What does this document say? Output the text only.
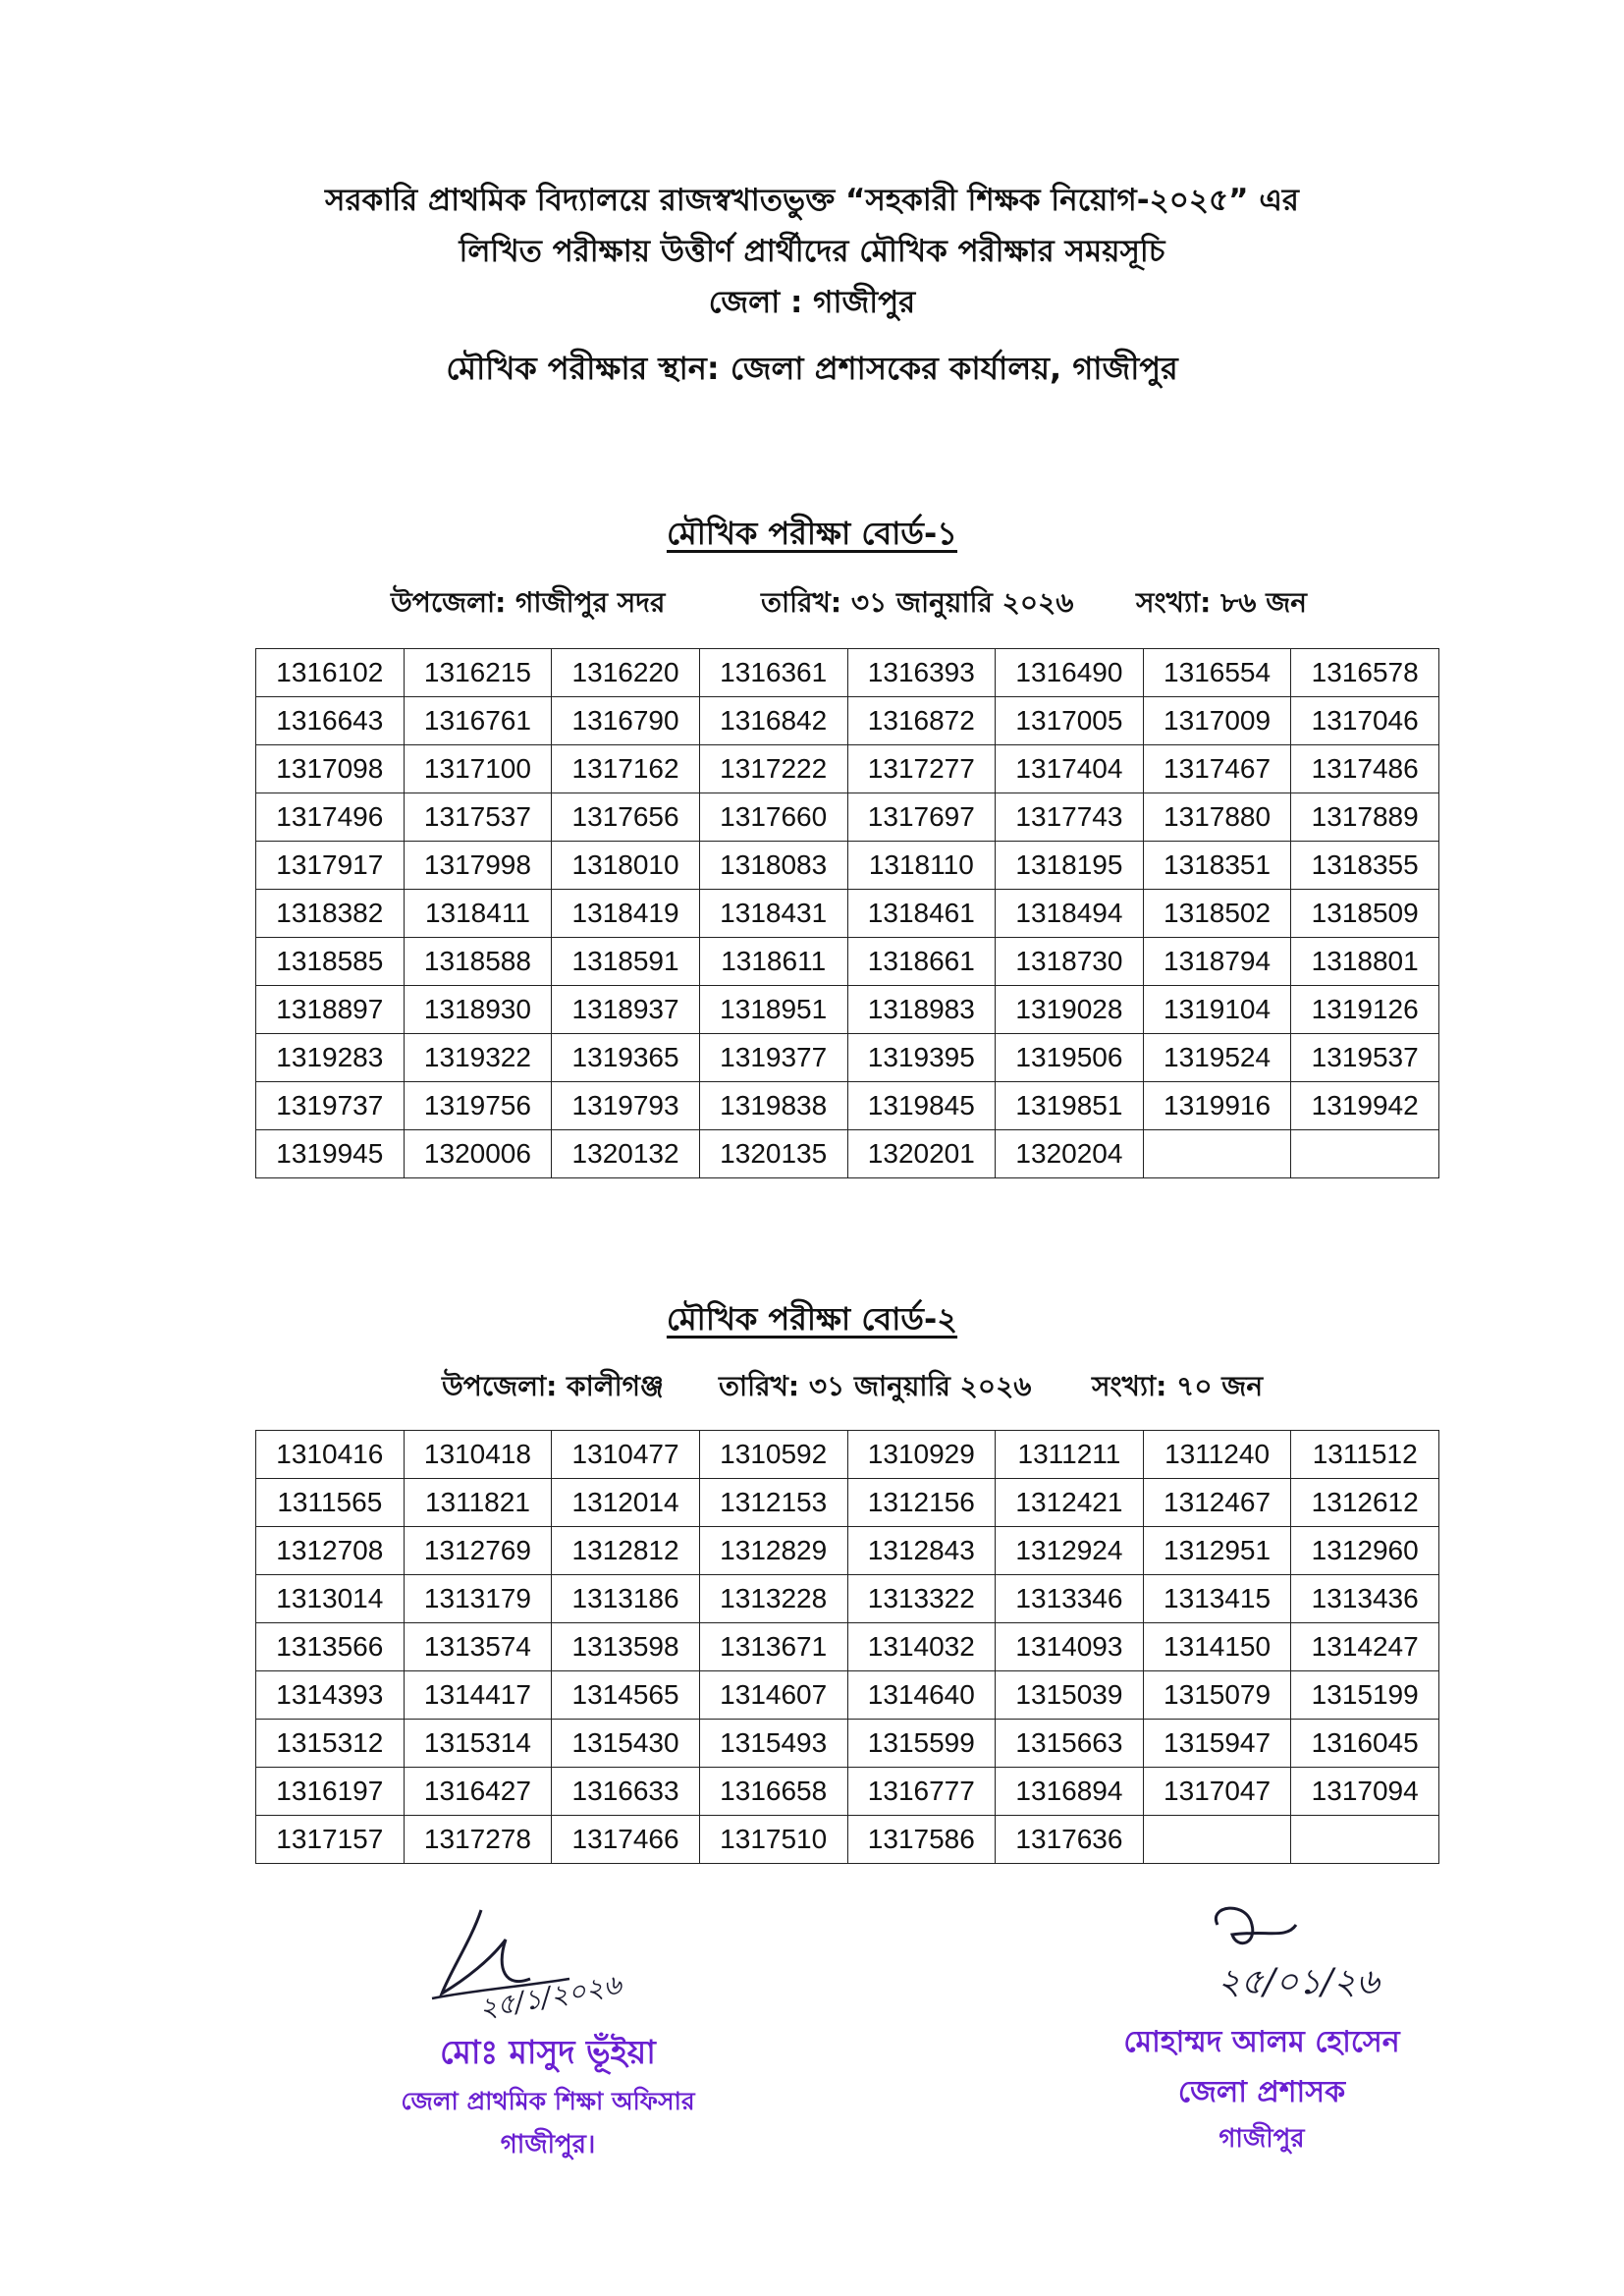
সরকারি প্রাথমিক বিদ্যালয়ে রাজস্বখাতভুক্ত “সহকারী শিক্ষক নিয়োগ-২০২৫” এর
লিখিত পরীক্ষায় উত্তীর্ণ প্রার্থীদের মৌখিক পরীক্ষার সময়সূচি
জেলা : গাজীপুর
মৌখিক পরীক্ষার স্থান: জেলা প্রশাসকের কার্যালয়, গাজীপুর
মৌখিক পরীক্ষা বোর্ড-১
উপজেলা: গাজীপুর সদর	তারিখ: ৩১ জানুয়ারি ২০২৬ সংখ্যা: ৮৬ জন
1316102	1316215	1316220	1316361	1316393	1316490	1316554	1316578
1316643	1316761	1316790	1316842	1316872	1317005	1317009	1317046
1317098	1317100	1317162	1317222	1317277	1317404	1317467	1317486
1317496	1317537	1317656	1317660	1317697	1317743	1317880	1317889
1317917	1317998	1318010	1318083	1318110	1318195	1318351	1318355
1318382	1318411	1318419	1318431	1318461	1318494	1318502	1318509
1318585	1318588	1318591	1318611	1318661	1318730	1318794	1318801
1318897	1318930	1318937	1318951	1318983	1319028	1319104	1319126
1319283	1319322	1319365	1319377	1319395	1319506	1319524	1319537
1319737	1319756	1319793	1319838	1319845	1319851	1319916	1319942
1319945	1320006	1320132	1320135	1320201	1320204		
মৌখিক পরীক্ষা বোর্ড-২
উপজেলা: কালীগঞ্জ তারিখ: ৩১ জানুয়ারি ২০২৬ সংখ্যা: ৭০ জন
1310416	1310418	1310477	1310592	1310929	1311211	1311240	1311512
1311565	1311821	1312014	1312153	1312156	1312421	1312467	1312612
1312708	1312769	1312812	1312829	1312843	1312924	1312951	1312960
1313014	1313179	1313186	1313228	1313322	1313346	1313415	1313436
1313566	1313574	1313598	1313671	1314032	1314093	1314150	1314247
1314393	1314417	1314565	1314607	1314640	1315039	1315079	1315199
1315312	1315314	1315430	1315493	1315599	1315663	1315947	1316045
1316197	1316427	1316633	1316658	1316777	1316894	1317047	1317094
1317157	1317278	1317466	1317510	1317586	1317636		
২৫/১/২০২৬
মোঃ মাসুদ ভূঁইয়া
জেলা প্রাথমিক শিক্ষা অফিসার
গাজীপুর।
২৫/০১/২৬
মোহাম্মদ আলম হোসেন
জেলা প্রশাসক
গাজীপুর
